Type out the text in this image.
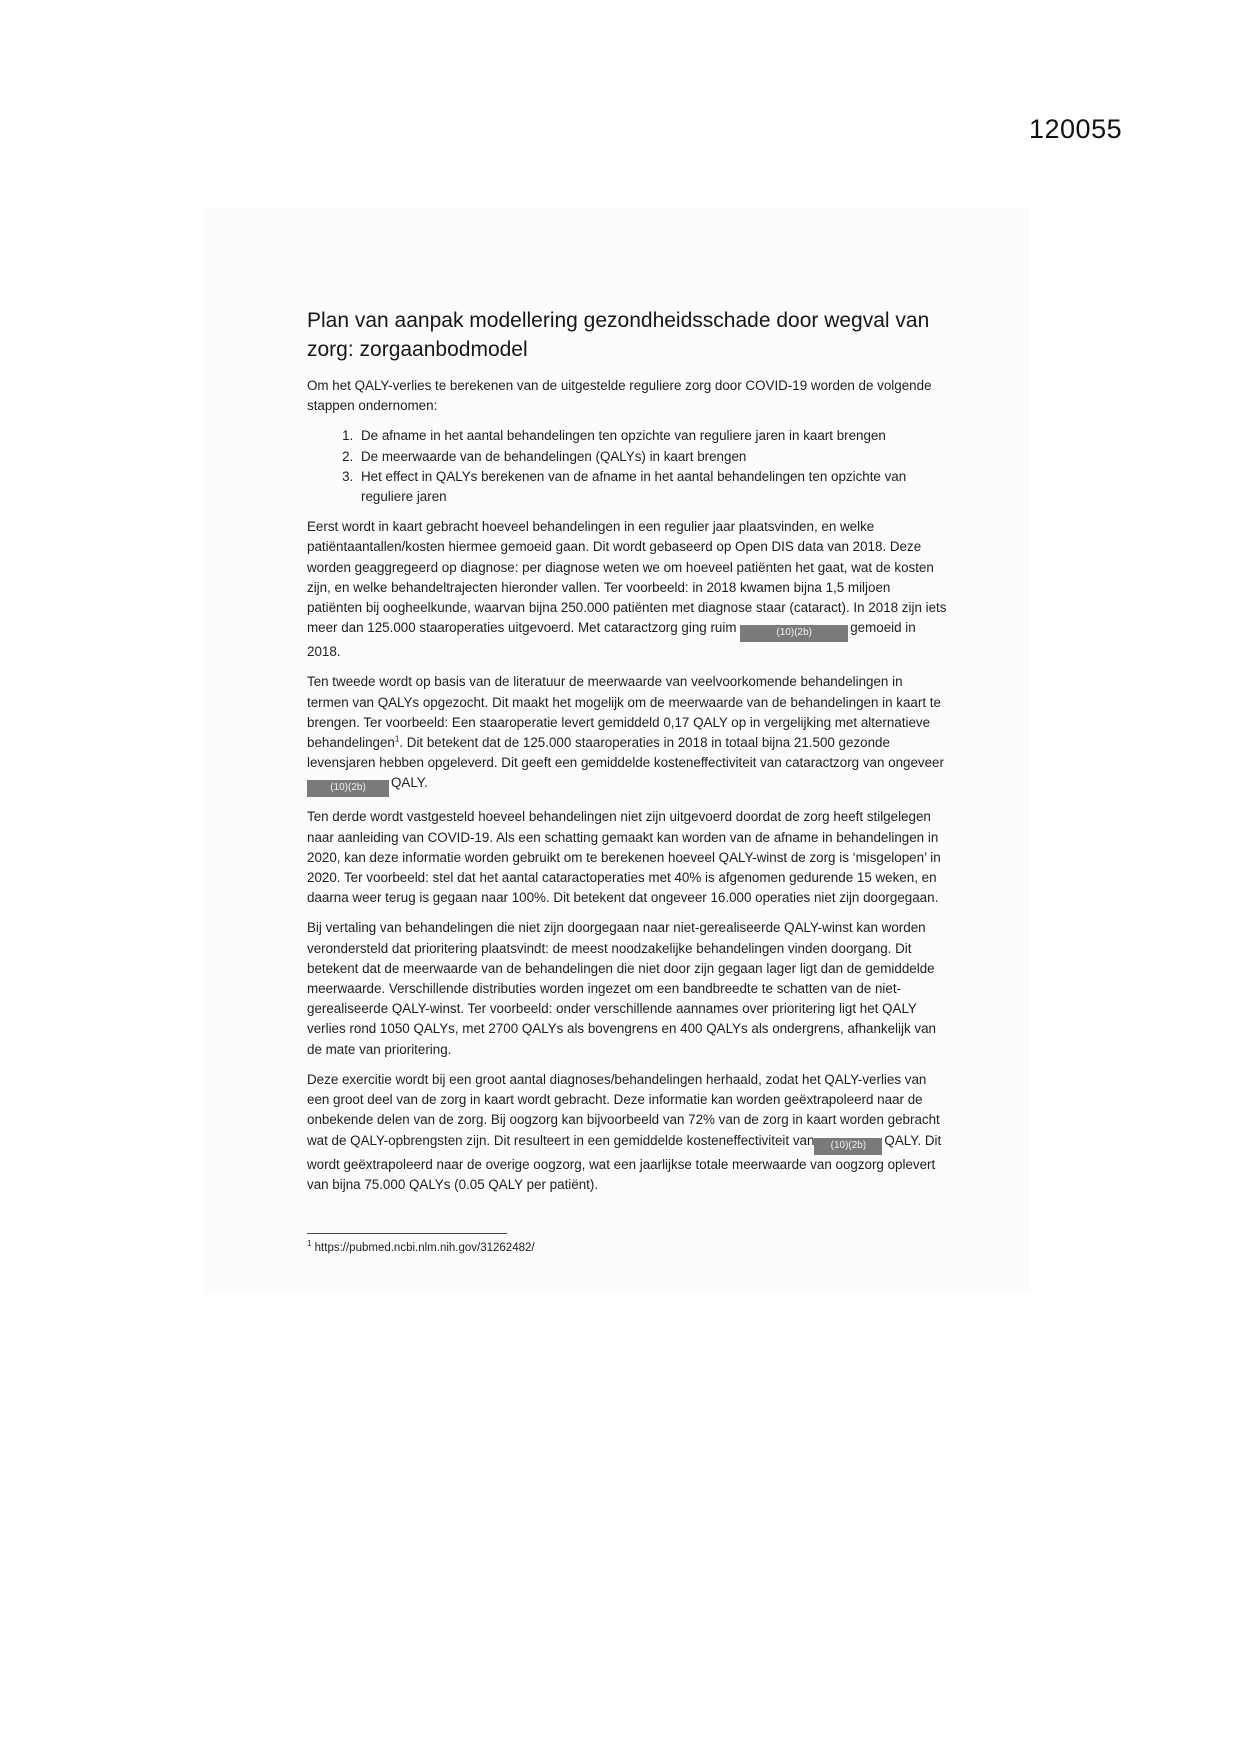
120055
Plan van aanpak modellering gezondheidsschade door wegval van zorg: zorgaanbodmodel

Om het QALY-verlies te berekenen van de uitgestelde reguliere zorg door COVID-19 worden de volgende stappen ondernomen:

1. De afname in het aantal behandelingen ten opzichte van reguliere jaren in kaart brengen
2. De meerwaarde van de behandelingen (QALYs) in kaart brengen
3. Het effect in QALYs berekenen van de afname in het aantal behandelingen ten opzichte van reguliere jaren

Eerst wordt in kaart gebracht hoeveel behandelingen in een regulier jaar plaatsvinden, en welke patiëntaantallen/kosten hiermee gemoeid gaan. Dit wordt gebaseerd op Open DIS data van 2018. Deze worden geaggregeerd op diagnose: per diagnose weten we om hoeveel patiënten het gaat, wat de kosten zijn, en welke behandeltrajecten hieronder vallen. Ter voorbeeld: in 2018 kwamen bijna 1,5 miljoen patiënten bij oogheelkunde, waarvan bijna 250.000 patiënten met diagnose staar (cataract). In 2018 zijn iets meer dan 125.000 staaroperaties uitgevoerd. Met cataractzorg ging ruim	(10)(2b)	gemoeid in 2018.

Ten tweede wordt op basis van de literatuur de meerwaarde van veelvoorkomende behandelingen in termen van QALYs opgezocht. Dit maakt het mogelijk om de meerwaarde van de behandelingen in kaart te brengen. Ter voorbeeld: Een staaroperatie levert gemiddeld 0,17 QALY op in vergelijking met alternatieve behandelingen$^1$. Dit betekent dat de 125.000 staaroperaties in 2018 in totaal bijna 21.500 gezonde levensjaren hebben opgeleverd. Dit geeft een gemiddelde kosteneffectiviteit van cataractzorg van ongeveer(10)(2b) QALY.

Ten derde wordt vastgesteld hoeveel behandelingen niet zijn uitgevoerd doordat de zorg heeft stilgelegen naar aanleiding van COVID-19. Als een schatting gemaakt kan worden van de afname in behandelingen in 2020, kan deze informatie worden gebruikt om te berekenen hoeveel QALY-winst de zorg is ‘misgelopen’ in 2020. Ter voorbeeld: stel dat het aantal cataractoperaties met 40% is afgenomen gedurende 15 weken, en daarna weer terug is gegaan naar 100%. Dit betekent dat ongeveer 16.000 operaties niet zijn doorgegaan.

Bij vertaling van behandelingen die niet zijn doorgegaan naar niet-gerealiseerde QALY-winst kan worden verondersteld dat prioritering plaatsvindt: de meest noodzakelijke behandelingen vinden doorgang. Dit betekent dat de meerwaarde van de behandelingen die niet door zijn gegaan lager ligt dan de gemiddelde meerwaarde. Verschillende distributies worden ingezet om een bandbreedte te schatten van de niet-gerealiseerde QALY-winst. Ter voorbeeld: onder verschillende aannames over prioritering ligt het QALY verlies rond 1050 QALYs, met 2700 QALYs als bovengrens en 400 QALYs als ondergrens, afhankelijk van de mate van prioritering.

Deze exercitie wordt bij een groot aantal diagnoses/behandelingen herhaald, zodat het QALY-verlies van een groot deel van de zorg in kaart wordt gebracht. Deze informatie kan worden geëxtrapoleerd naar de onbekende delen van de zorg. Bij oogzorg kan bijvoorbeeld van 72% van de zorg in kaart worden gebracht wat de QALY-opbrengsten zijn. Dit resulteert in een gemiddelde kosteneffectiviteit van (10)(2b) QALY. Dit wordt geëxtrapoleerd naar de overige oogzorg, wat een jaarlijkse totale meerwaarde van oogzorg oplevert van bijna 75.000 QALYs (0.05 QALY per patiënt).

$^1$ https://pubmed.ncbi.nlm.nih.gov/31262482/
